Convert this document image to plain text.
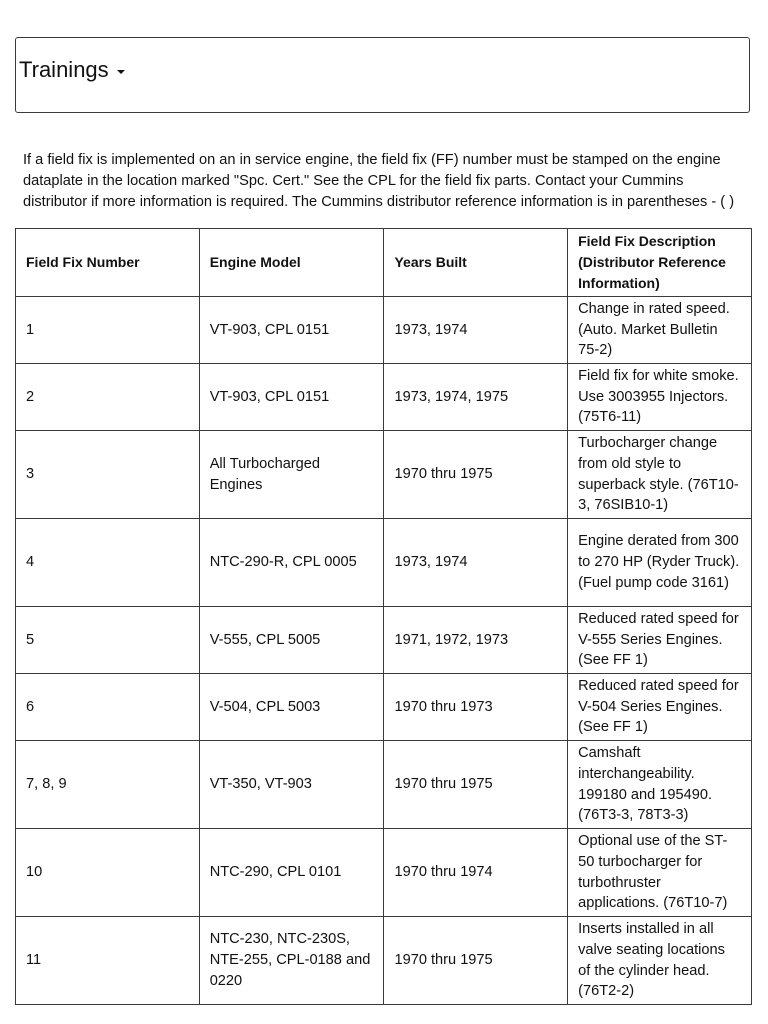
Trainings

If a field fix is implemented on an in service engine, the field fix (FF) number must be stamped on the engine dataplate in the location marked "Spc. Cert." See the CPL for the field fix parts. Contact your Cummins distributor if more information is required. The Cummins distributor reference information is in parentheses - ( )

Field Fix Number	Engine Model	Years Built	Field Fix Description (Distributor Reference Information)
1	VT-903, CPL 0151	1973, 1974	Change in rated speed. (Auto. Market Bulletin 75-2)
2	VT-903, CPL 0151	1973, 1974, 1975	Field fix for white smoke. Use 3003955 Injectors. (75T6-11)
3	All Turbocharged Engines	1970 thru 1975	Turbocharger change from old style to superback style. (76T10-3, 76SIB10-1)
4	NTC-290-R, CPL 0005	1973, 1974	Engine derated from 300 to 270 HP (Ryder Truck). (Fuel pump code 3161)
5	V-555, CPL 5005	1971, 1972, 1973	Reduced rated speed for V-555 Series Engines. (See FF 1)
6	V-504, CPL 5003	1970 thru 1973	Reduced rated speed for V-504 Series Engines. (See FF 1)
7, 8, 9	VT-350, VT-903	1970 thru 1975	Camshaft interchangeability. 199180 and 195490. (76T3-3, 78T3-3)
10	NTC-290, CPL 0101	1970 thru 1974	Optional use of the ST-50 turbocharger for turbothruster applications. (76T10-7)
11	NTC-230, NTC-230S, NTE-255, CPL-0188 and 0220	1970 thru 1975	Inserts installed in all valve seating locations of the cylinder head. (76T2-2)
